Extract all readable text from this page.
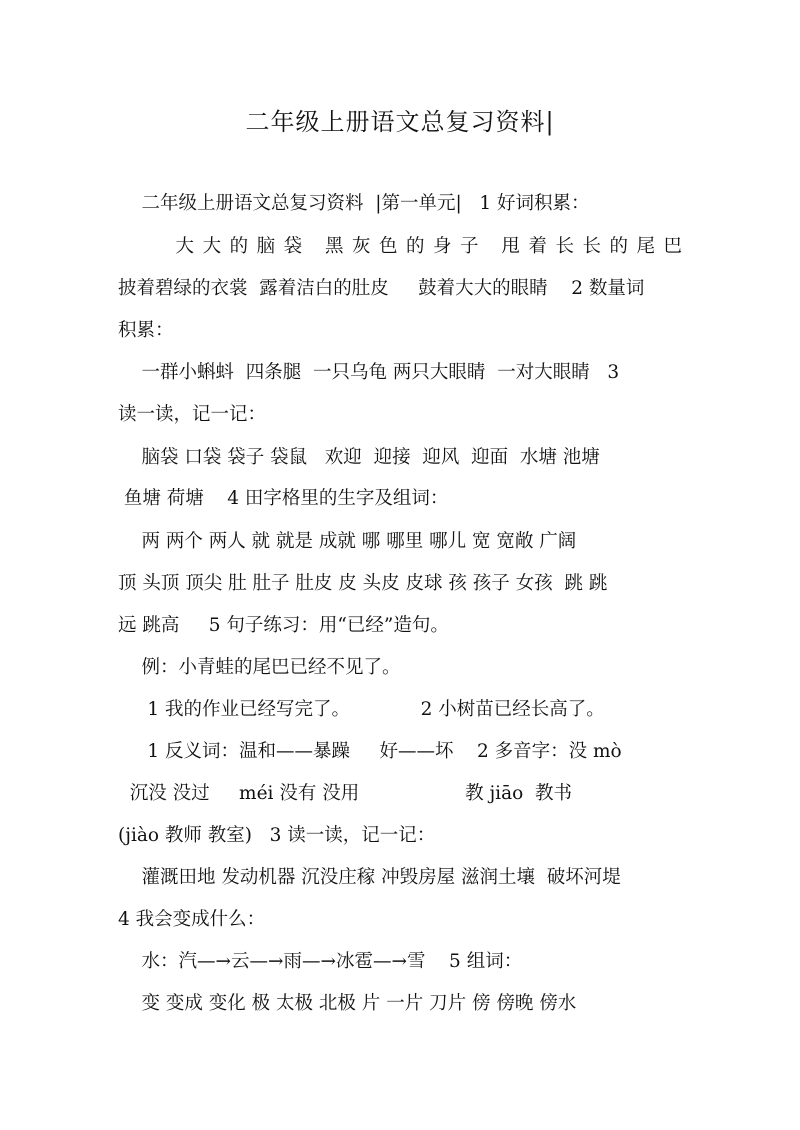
二年级上册语文总复习资料|
二年级上册语文总复习资料  |第一单元|   1 好词积累：
大大的脑袋 黑灰色的身子 甩着长长的尾巴
披着碧绿的衣裳  露着洁白的肚皮     鼓着大大的眼睛    2 数量词
积累：
一群小蝌蚪  四条腿  一只乌龟 两只大眼睛  一对大眼睛   3
读一读，记一记：
脑袋 口袋 袋子 袋鼠   欢迎  迎接  迎风  迎面  水塘 池塘
鱼塘 荷塘    4 田字格里的生字及组词：
两 两个 两人 就 就是 成就 哪 哪里 哪儿 宽 宽敞 广阔
顶 头顶 顶尖 肚 肚子 肚皮 皮 头皮 皮球 孩 孩子 女孩  跳 跳
远 跳高     5 句子练习：用“已经”造句。
例：小青蛙的尾巴已经不见了。
1 我的作业已经写完了。            2 小树苗已经长高了。
1 反义词：温和——暴躁     好——坏    2 多音字：没 mò
沉没 没过     méi 没有 没用                  教 jiāo  教书
(jiào 教师 教室)   3 读一读，记一记：
灌溉田地 发动机器 沉没庄稼 冲毁房屋 滋润土壤  破坏河堤
4 我会变成什么：
水：汽—→云—→雨—→冰雹—→雪    5 组词：
变 变成 变化 极 太极 北极 片 一片 刀片 傍 傍晚 傍水
